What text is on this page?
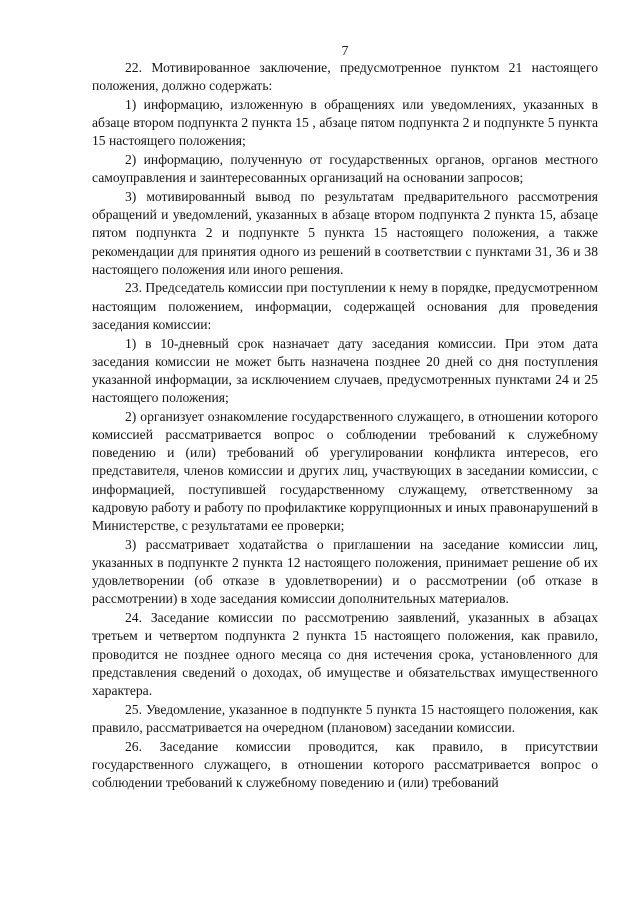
7

22. Мотивированное заключение, предусмотренное пунктом 21 настоящего положения, должно содержать:

1) информацию, изложенную в обращениях или уведомлениях, указанных в абзаце втором подпункта 2 пункта 15 , абзаце пятом подпункта 2 и подпункте 5 пункта 15 настоящего положения;

2) информацию, полученную от государственных органов, органов местного самоуправления и заинтересованных организаций на основании запросов;

3) мотивированный вывод по результатам предварительного рассмотрения обращений и уведомлений, указанных в абзаце втором подпункта 2 пункта 15, абзаце пятом подпункта 2 и подпункте 5 пункта 15 настоящего положения, а также рекомендации для принятия одного из решений в соответствии с пунктами 31, 36 и 38 настоящего положения или иного решения.

23. Председатель комиссии при поступлении к нему в порядке, предусмотренном настоящим положением, информации, содержащей основания для проведения заседания комиссии:

1) в 10-дневный срок назначает дату заседания комиссии. При этом дата заседания комиссии не может быть назначена позднее 20 дней со дня поступления указанной информации, за исключением случаев, предусмотренных пунктами 24 и 25 настоящего положения;

2) организует ознакомление государственного служащего, в отношении которого комиссией рассматривается вопрос о соблюдении требований к служебному поведению и (или) требований об урегулировании конфликта интересов, его представителя, членов комиссии и других лиц, участвующих в заседании комиссии, с информацией, поступившей государственному служащему, ответственному за кадровую работу и работу по профилактике коррупционных и иных правонарушений в Министерстве, с результатами ее проверки;

3) рассматривает ходатайства о приглашении на заседание комиссии лиц, указанных в подпункте 2 пункта 12 настоящего положения, принимает решение об их удовлетворении (об отказе в удовлетворении) и о рассмотрении (об отказе в рассмотрении) в ходе заседания комиссии дополнительных материалов.

24. Заседание комиссии по рассмотрению заявлений, указанных в абзацах третьем и четвертом подпункта 2 пункта 15 настоящего положения, как правило, проводится не позднее одного месяца со дня истечения срока, установленного для представления сведений о доходах, об имуществе и обязательствах имущественного характера.

25. Уведомление, указанное в подпункте 5 пункта 15 настоящего положения, как правило, рассматривается на очередном (плановом) заседании комиссии.

26. Заседание комиссии проводится, как правило, в присутствии государственного служащего, в отношении которого рассматривается вопрос о соблюдении требований к служебному поведению и (или) требований
